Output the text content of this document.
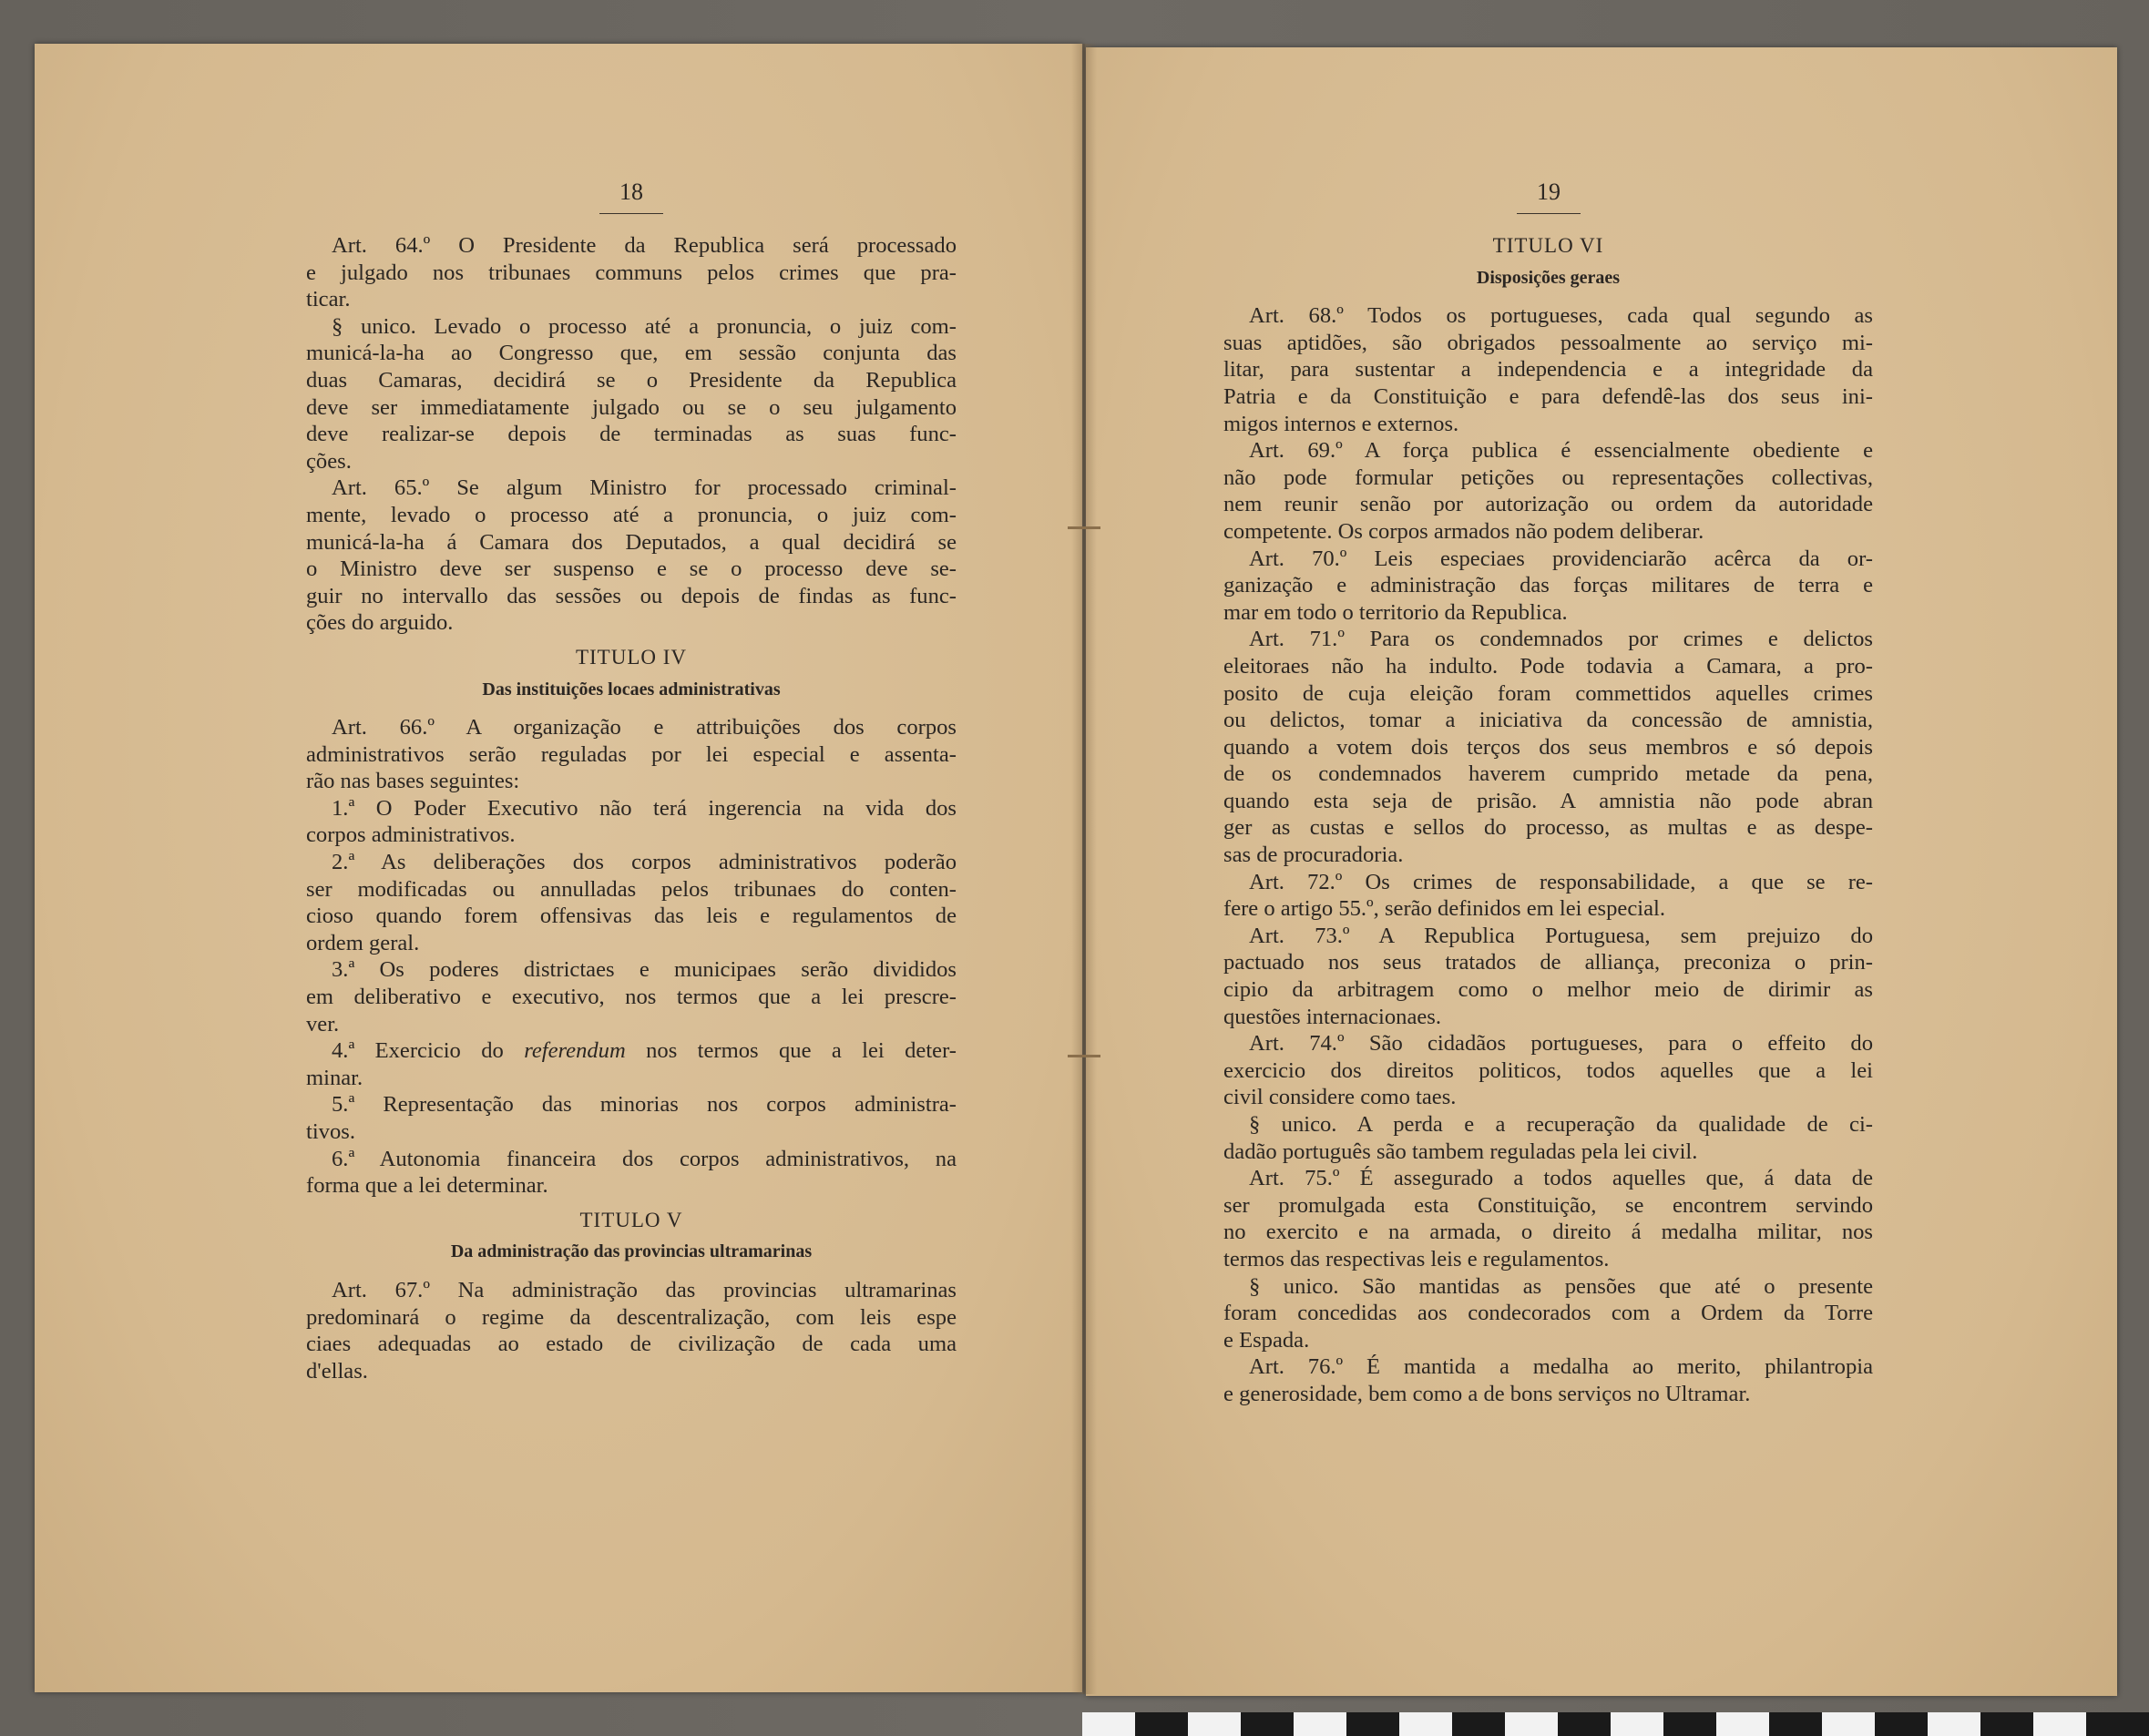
18
Art. 64.º O Presidente da Republica será processado
e julgado nos tribunaes communs pelos crimes que pra-
ticar.
§ unico. Levado o processo até a pronuncia, o juiz com-
municá-la-ha ao Congresso que, em sessão conjunta das
duas Camaras, decidirá se o Presidente da Republica
deve ser immediatamente julgado ou se o seu julgamento
deve realizar-se depois de terminadas as suas func-
ções.
Art. 65.º Se algum Ministro for processado criminal-
mente, levado o processo até a pronuncia, o juiz com-
municá-la-ha á Camara dos Deputados, a qual decidirá se
o Ministro deve ser suspenso e se o processo deve se-
guir no intervallo das sessões ou depois de findas as func-
ções do arguido.
TITULO IV
Das instituições locaes administrativas
Art. 66.º A organização e attribuições dos corpos
administrativos serão reguladas por lei especial e assenta-
rão nas bases seguintes:
1.ª O Poder Executivo não terá ingerencia na vida dos
corpos administrativos.
2.ª As deliberações dos corpos administrativos poderão
ser modificadas ou annulladas pelos tribunaes do conten-
cioso quando forem offensivas das leis e regulamentos de
ordem geral.
3.ª Os poderes districtaes e municipaes serão divididos
em deliberativo e executivo, nos termos que a lei prescre-
ver.
4.ª Exercicio do referendum nos termos que a lei deter-
minar.
5.ª Representação das minorias nos corpos administra-
tivos.
6.ª Autonomia financeira dos corpos administrativos, na
forma que a lei determinar.
TITULO V
Da administração das provincias ultramarinas
Art. 67.º Na administração das provincias ultramarinas
predominará o regime da descentralização, com leis espe
ciaes adequadas ao estado de civilização de cada uma
d'ellas.
19
TITULO VI
Disposições geraes
Art. 68.º Todos os portugueses, cada qual segundo as
suas aptidões, são obrigados pessoalmente ao serviço mi-
litar, para sustentar a independencia e a integridade da
Patria e da Constituição e para defendê-las dos seus ini-
migos internos e externos.
Art. 69.º A força publica é essencialmente obediente e
não pode formular petições ou representações collectivas,
nem reunir senão por autorização ou ordem da autoridade
competente. Os corpos armados não podem deliberar.
Art. 70.º Leis especiaes providenciarão acêrca da or-
ganização e administração das forças militares de terra e
mar em todo o territorio da Republica.
Art. 71.º Para os condemnados por crimes e delictos
eleitoraes não ha indulto. Pode todavia a Camara, a pro-
posito de cuja eleição foram commettidos aquelles crimes
ou delictos, tomar a iniciativa da concessão de amnistia,
quando a votem dois terços dos seus membros e só depois
de os condemnados haverem cumprido metade da pena,
quando esta seja de prisão. A amnistia não pode abran
ger as custas e sellos do processo, as multas e as despe-
sas de procuradoria.
Art. 72.º Os crimes de responsabilidade, a que se re-
fere o artigo 55.º, serão definidos em lei especial.
Art. 73.º A Republica Portuguesa, sem prejuizo do
pactuado nos seus tratados de alliança, preconiza o prin-
cipio da arbitragem como o melhor meio de dirimir as
questões internacionaes.
Art. 74.º São cidadãos portugueses, para o effeito do
exercicio dos direitos politicos, todos aquelles que a lei
civil considere como taes.
§ unico. A perda e a recuperação da qualidade de ci-
dadão português são tambem reguladas pela lei civil.
Art. 75.º É assegurado a todos aquelles que, á data de
ser promulgada esta Constituição, se encontrem servindo
no exercito e na armada, o direito á medalha militar, nos
termos das respectivas leis e regulamentos.
§ unico. São mantidas as pensões que até o presente
foram concedidas aos condecorados com a Ordem da Torre
e Espada.
Art. 76.º É mantida a medalha ao merito, philantropia
e generosidade, bem como a de bons serviços no Ultramar.
